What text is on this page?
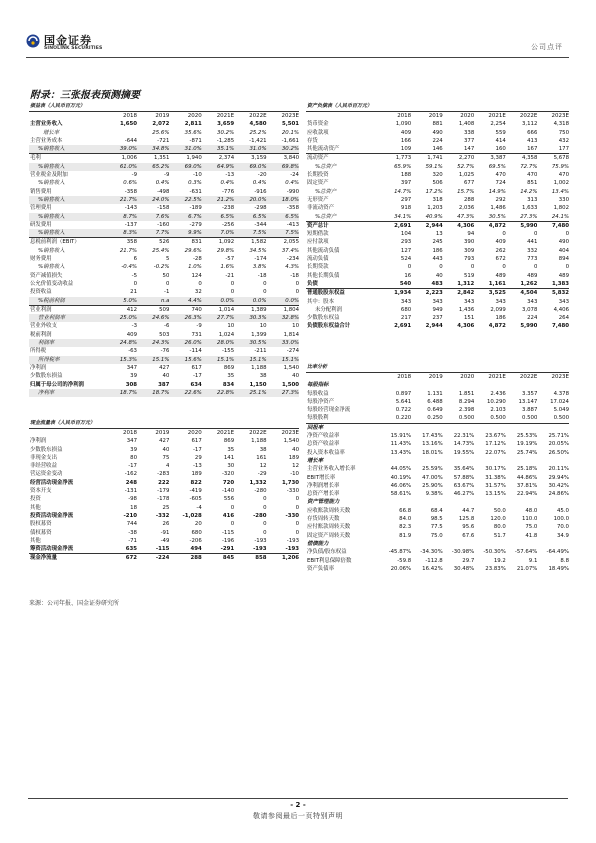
国金证券
SINOLINK SECURITIES	公司点评
附录：三张报表预测摘要
损益表（人民币百万元）
	2018	2019	2020	2021E	2022E	2023E
主营业务收入	1,650	2,072	2,811	3,659	4,580	5,501
增长率		25.6%	35.6%	30.2%	25.2%	20.1%
主营业务成本	-644	-721	-871	-1,285	-1,421	-1,661
%销售收入	39.0%	34.8%	31.0%	35.1%	31.0%	30.2%
毛利	1,006	1,351	1,940	2,374	3,159	3,840
%销售收入	61.0%	65.2%	69.0%	64.9%	69.0%	69.8%
营业税金及附加	-9	-9	-10	-13	-20	-24
%销售收入	0.6%	0.4%	0.3%	0.4%	0.4%	0.4%
销售费用	-358	-498	-631	-776	-916	-990
%销售收入	21.7%	24.0%	22.5%	21.2%	20.0%	18.0%
管理费用	-143	-158	-189	-238	-298	-358
%销售收入	8.7%	7.6%	6.7%	6.5%	6.5%	6.5%
研发费用	-137	-160	-279	-256	-344	-413
%销售收入	8.3%	7.7%	9.9%	7.0%	7.5%	7.5%
息税前利润（EBIT）	358	526	831	1,092	1,582	2,055
%销售收入	21.7%	25.4%	29.6%	29.8%	34.5%	37.4%
财务费用	6	5	-28	-57	-174	-234
%销售收入	-0.4%	-0.2%	1.0%	1.6%	3.8%	4.3%
资产减值损失	-5	50	124	-21	-18	-18
公允价值变动收益	0	0	0	0	0	0
投资收益	21	-1	32	0	0	0
%税前利润	5.0%	n.a	4.4%	0.0%	0.0%	0.0%
营业利润	412	509	740	1,014	1,389	1,804
营业利润率	25.0%	24.6%	26.3%	27.7%	30.3%	32.8%
营业外收支	-3	-6	-9	10	10	10
税前利润	409	503	731	1,024	1,399	1,814
利润率	24.8%	24.3%	26.0%	28.0%	30.5%	33.0%
所得税	-63	-76	-114	-155	-211	-274
所得税率	15.3%	15.1%	15.6%	15.1%	15.1%	15.1%
净利润	347	427	617	869	1,188	1,540
少数股东损益	39	40	-17	35	38	40
归属于母公司的净利润	308	387	634	834	1,150	1,500
净利率	18.7%	18.7%	22.6%	22.8%	25.1%	27.3%
资产负债表（人民币百万元）
	2018	2019	2020	2021E	2022E	2023E
货币资金	1,090	881	1,408	2,254	3,112	4,318
应收款项	409	490	338	559	666	750
存货	166	224	377	414	413	432
其他流动资产	109	146	147	160	167	177
流动资产	1,773	1,741	2,270	3,387	4,358	5,678
%总资产	65.9%	59.1%	52.7%	69.5%	72.7%	75.9%
长期投资	188	320	1,025	470	470	470
固定资产	397	506	677	724	851	1,002
%总资产	14.7%	17.2%	15.7%	14.9%	14.2%	13.4%
无形资产	297	318	288	292	313	330
非流动资产	918	1,203	2,036	1,486	1,633	1,802
%总资产	34.1%	40.9%	47.3%	30.5%	27.3%	24.1%
资产总计	2,691	2,944	4,306	4,872	5,990	7,480
短期借款	104	13	94	0	0	0
应付款项	293	245	390	409	441	490
其他流动负债	127	186	309	262	332	404
流动负债	524	443	793	672	773	894
长期贷款	0	0	0	0	0	0
其他长期负债	16	40	519	489	489	489
负债	540	483	1,312	1,161	1,262	1,383
普通股股东权益	1,934	2,223	2,842	3,525	4,504	5,832
其中：股本	343	343	343	343	343	343
未分配利润	680	949	1,436	2,099	3,078	4,406
少数股东权益	217	237	151	186	224	264
负债股东权益合计	2,691	2,944	4,306	4,872	5,990	7,480
比率分析
	2018	2019	2020	2021E	2022E	2023E
每股指标						
每股收益	0.897	1.131	1.851	2.436	3.357	4.378
每股净资产	5.641	6.488	8.294	10.290	13.147	17.024
每股经营现金净流	0.722	0.649	2.398	2.103	3.887	5.049
每股股利	0.220	0.250	0.500	0.500	0.500	0.500
回报率						
净资产收益率	15.91%	17.43%	22.31%	23.67%	25.53%	25.71%
总资产收益率	11.43%	13.16%	14.73%	17.12%	19.19%	20.05%
投入资本收益率	13.43%	18.01%	19.55%	22.07%	25.74%	26.50%
增长率						
主营业务收入增长率	44.05%	25.59%	35.64%	30.17%	25.18%	20.11%
EBIT增长率	40.19%	47.00%	57.88%	31.38%	44.86%	29.94%
净利润增长率	46.06%	25.90%	63.67%	31.57%	37.81%	30.42%
总资产增长率	58.61%	9.38%	46.27%	13.15%	22.94%	24.86%
资产管理能力						
应收账款周转天数	66.8	68.4	44.7	50.0	48.0	45.0
存货周转天数	84.0	98.5	125.8	120.0	110.0	100.0
应付账款周转天数	82.3	77.5	95.6	80.0	75.0	70.0
固定资产周转天数	81.9	75.0	67.6	51.7	41.8	34.9
偿债能力						
净负债/股东权益	-45.87%	-34.30%	-30.98%	-50.30%	-57.64%	-64.49%
EBIT利息保障倍数	-59.8	-112.8	29.7	19.2	9.1	8.8
资产负债率	20.06%	16.42%	30.48%	23.83%	21.07%	18.49%
现金流量表（人民币百万元）
	2018	2019	2020	2021E	2022E	2023E
净利润	347	427	617	869	1,188	1,540
少数股东损益	39	40	-17	35	38	40
非现金支出	80	75	29	141	161	189
非经营收益	-17	4	-13	30	12	12
营运资金变动	-162	-283	189	-320	-29	-10
经营活动现金净流	248	222	822	720	1,332	1,730
资本开支	-131	-179	-419	-140	-280	-330
投资	-98	-178	-605	556	0	0
其他	18	25	-4	0	0	0
投资活动现金净流	-210	-332	-1,028	416	-280	-330
股权募资	744	26	20	0	0	0
债权募资	-38	-91	680	-115	0	0
其他	-71	-49	-206	-196	-193	-193
筹资活动现金净流	635	-115	494	-291	-193	-193
现金净流量	672	-224	288	845	858	1,206
来源：公司年报、国金证券研究所
- 2 -
敬请参阅最后一页特别声明
